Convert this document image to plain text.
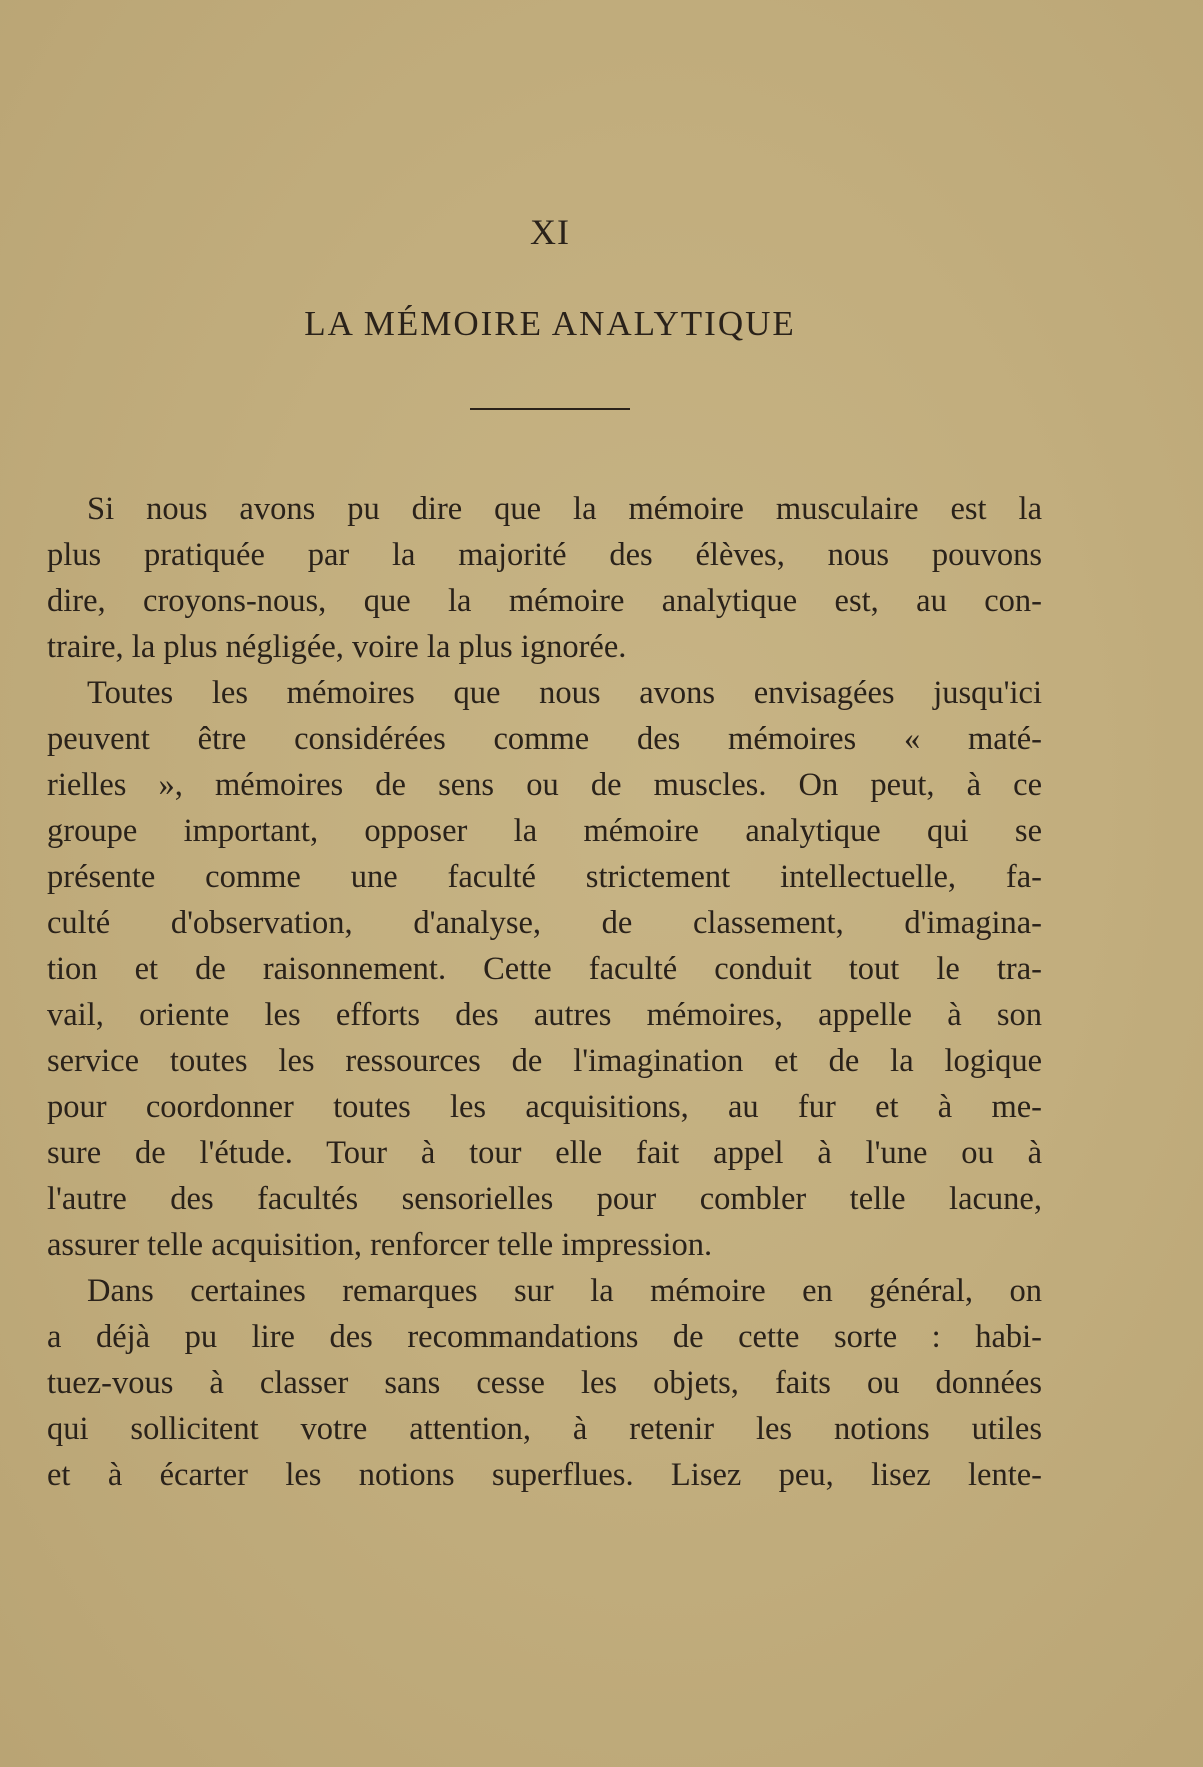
XI
LA MÉMOIRE ANALYTIQUE

Si nous avons pu dire que la mémoire musculaire est la
plus pratiquée par la majorité des élèves, nous pouvons
dire, croyons-nous, que la mémoire analytique est, au con-
traire, la plus négligée, voire la plus ignorée.

Toutes les mémoires que nous avons envisagées jusqu'ici
peuvent être considérées comme des mémoires « maté-
rielles », mémoires de sens ou de muscles. On peut, à ce
groupe important, opposer la mémoire analytique qui se
présente comme une faculté strictement intellectuelle, fa-
culté d'observation, d'analyse, de classement, d'imagina-
tion et de raisonnement. Cette faculté conduit tout le tra-
vail, oriente les efforts des autres mémoires, appelle à son
service toutes les ressources de l'imagination et de la logique
pour coordonner toutes les acquisitions, au fur et à me-
sure de l'étude. Tour à tour elle fait appel à l'une ou à
l'autre des facultés sensorielles pour combler telle lacune,
assurer telle acquisition, renforcer telle impression.

Dans certaines remarques sur la mémoire en général, on
a déjà pu lire des recommandations de cette sorte : habi-
tuez-vous à classer sans cesse les objets, faits ou données
qui sollicitent votre attention, à retenir les notions utiles
et à écarter les notions superflues. Lisez peu, lisez lente-
